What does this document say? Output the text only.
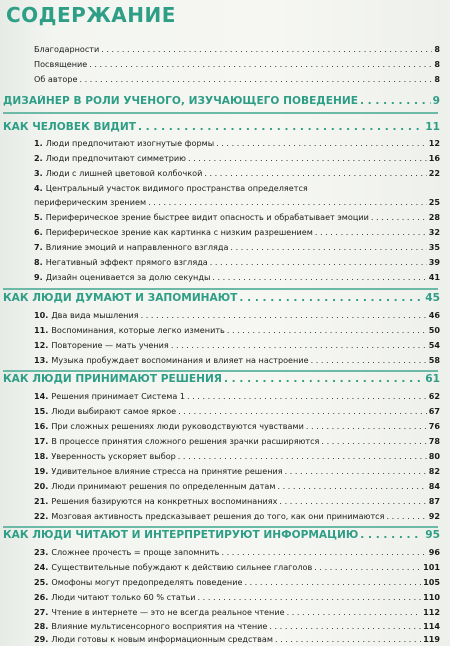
СОДЕРЖАНИЕ
Благодарности . . .	8
Посвящение . . .	8
Об авторе . . .	8
ДИЗАЙНЕР В РОЛИ УЧЕНОГО, ИЗУЧАЮЩЕГО ПОВЕДЕНИЕ . . .	9
КАК ЧЕЛОВЕК ВИДИТ . . .	11
1. Люди предпочитают изогнутые формы . . .	12
2. Люди предпочитают симметрию . . .	16
3. Люди с лишней цветовой колбочкой . . .	22
4. Центральный участок видимого пространства определяется
периферическим зрением . . .	25
5. Периферическое зрение быстрее видит опасность и обрабатывает эмоции . . .	28
6. Периферическое зрение как картинка с низким разрешением . . .	32
7. Влияние эмоций и направленного взгляда . . .	35
8. Негативный эффект прямого взгляда . . .	39
9. Дизайн оценивается за долю секунды . . .	41
КАК ЛЮДИ ДУМАЮТ И ЗАПОМИНАЮТ . . .	45
10. Два вида мышления . . .	46
11. Воспоминания, которые легко изменить . . .	50
12. Повторение — мать учения . . .	54
13. Музыка пробуждает воспоминания и влияет на настроение . . .	58
КАК ЛЮДИ ПРИНИМАЮТ РЕШЕНИЯ . . .	61
14. Решения принимает Система 1 . . .	62
15. Люди выбирают самое яркое . . .	67
16. При сложных решениях люди руководствуются чувствами . . .	76
17. В процессе принятия сложного решения зрачки расширяются . . .	78
18. Уверенность ускоряет выбор . . .	80
19. Удивительное влияние стресса на принятие решения . . .	82
20. Люди принимают решения по определенным датам . . .	84
21. Решения базируются на конкретных воспоминаниях . . .	87
22. Мозговая активность предсказывает решения до того, как они принимаются . . .	92
КАК ЛЮДИ ЧИТАЮТ И ИНТЕРПРЕТИРУЮТ ИНФОРМАЦИЮ . . .	95
23. Сложнее прочесть = проще запомнить . . .	96
24. Существительные побуждают к действию сильнее глаголов . . .	101
25. Омофоны могут предопределять поведение . . .	105
26. Люди читают только 60 % статьи . . .	110
27. Чтение в интернете — это не всегда реальное чтение . . .	112
28. Влияние мультисенсорного восприятия на чтение . . .	114
29. Люди готовы к новым информационным средствам . . .	119
